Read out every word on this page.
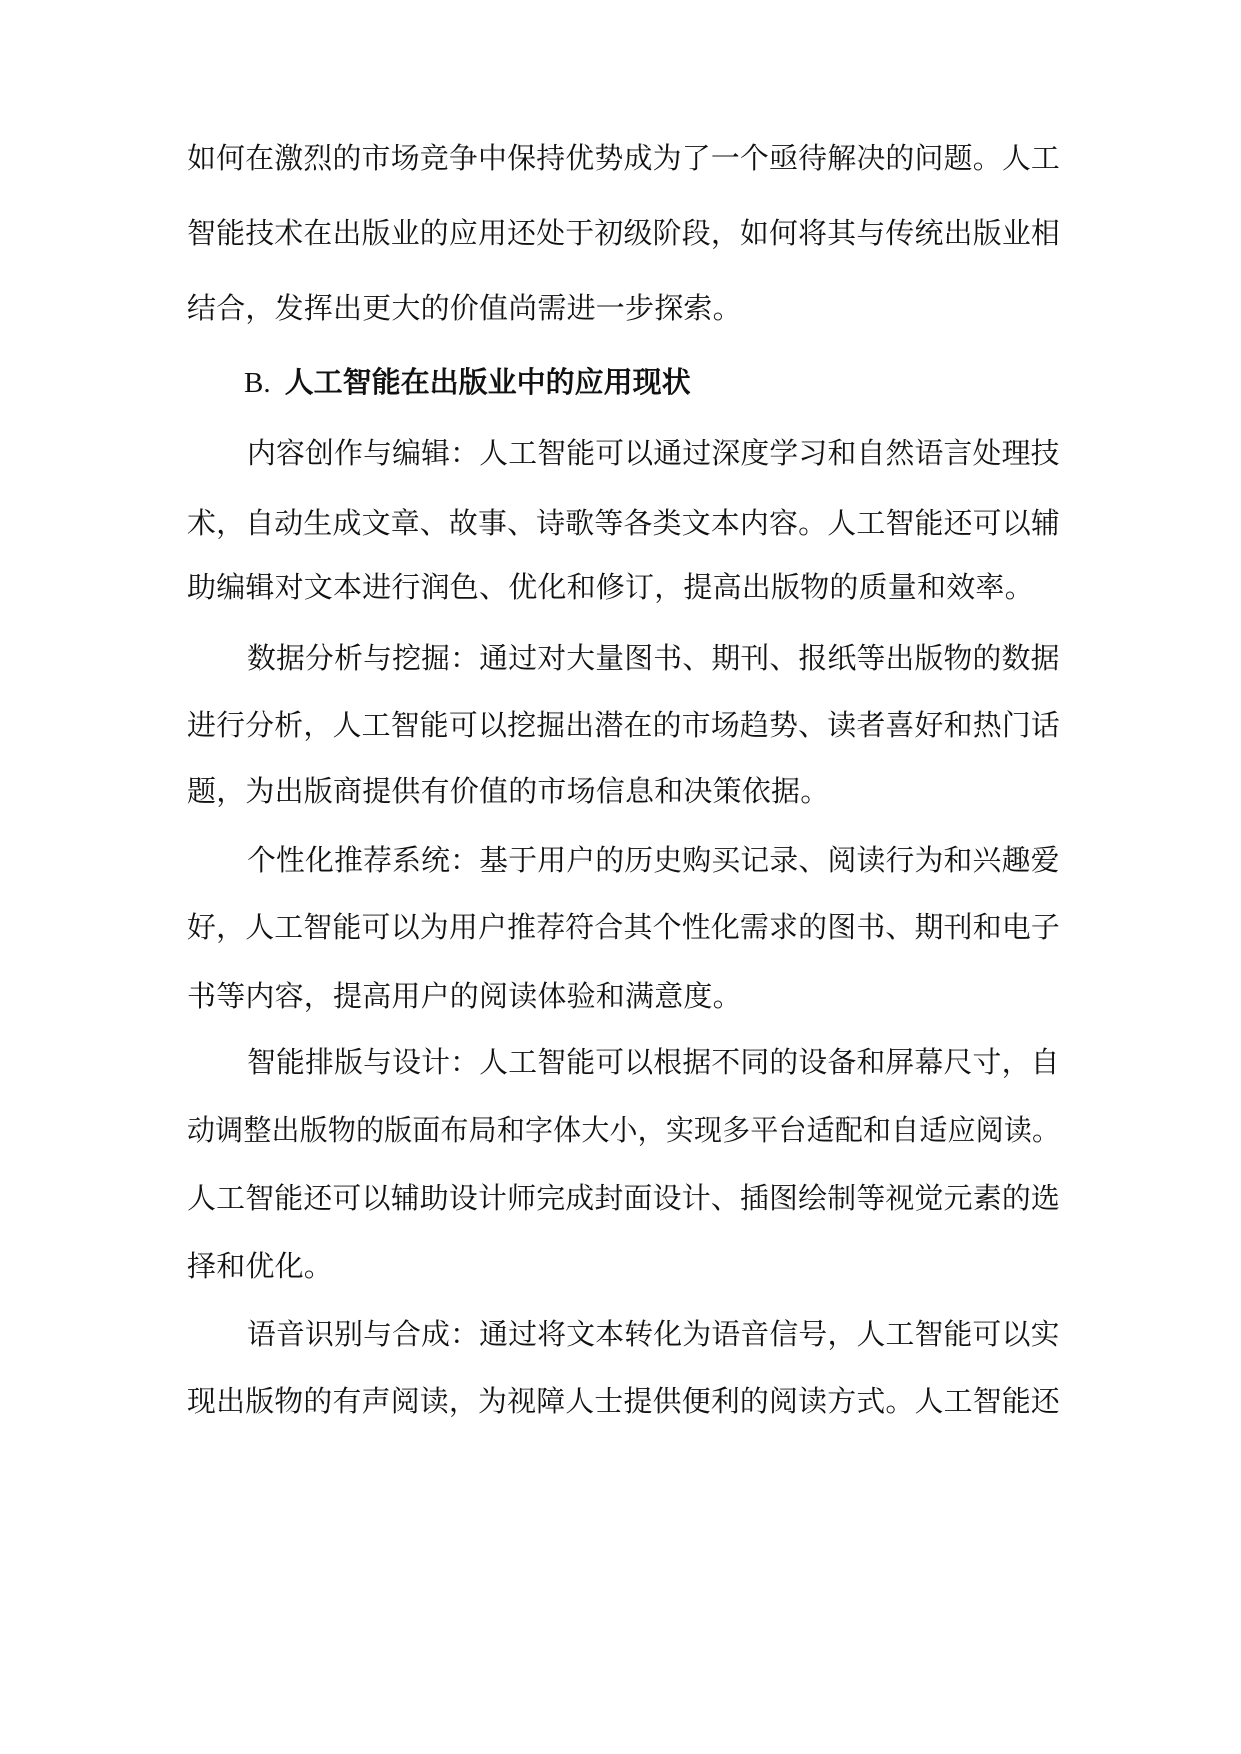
如何在激烈的市场竞争中保持优势成为了一个亟待解决的问题。人工
智能技术在出版业的应用还处于初级阶段，如何将其与传统出版业相
结合，发挥出更大的价值尚需进一步探索。
B. 人工智能在出版业中的应用现状
内容创作与编辑：人工智能可以通过深度学习和自然语言处理技
术，自动生成文章、故事、诗歌等各类文本内容。人工智能还可以辅
助编辑对文本进行润色、优化和修订，提高出版物的质量和效率。
数据分析与挖掘：通过对大量图书、期刊、报纸等出版物的数据
进行分析，人工智能可以挖掘出潜在的市场趋势、读者喜好和热门话
题，为出版商提供有价值的市场信息和决策依据。
个性化推荐系统：基于用户的历史购买记录、阅读行为和兴趣爱
好，人工智能可以为用户推荐符合其个性化需求的图书、期刊和电子
书等内容，提高用户的阅读体验和满意度。
智能排版与设计：人工智能可以根据不同的设备和屏幕尺寸，自
动调整出版物的版面布局和字体大小，实现多平台适配和自适应阅读。
人工智能还可以辅助设计师完成封面设计、插图绘制等视觉元素的选
择和优化。
语音识别与合成：通过将文本转化为语音信号，人工智能可以实
现出版物的有声阅读，为视障人士提供便利的阅读方式。人工智能还
